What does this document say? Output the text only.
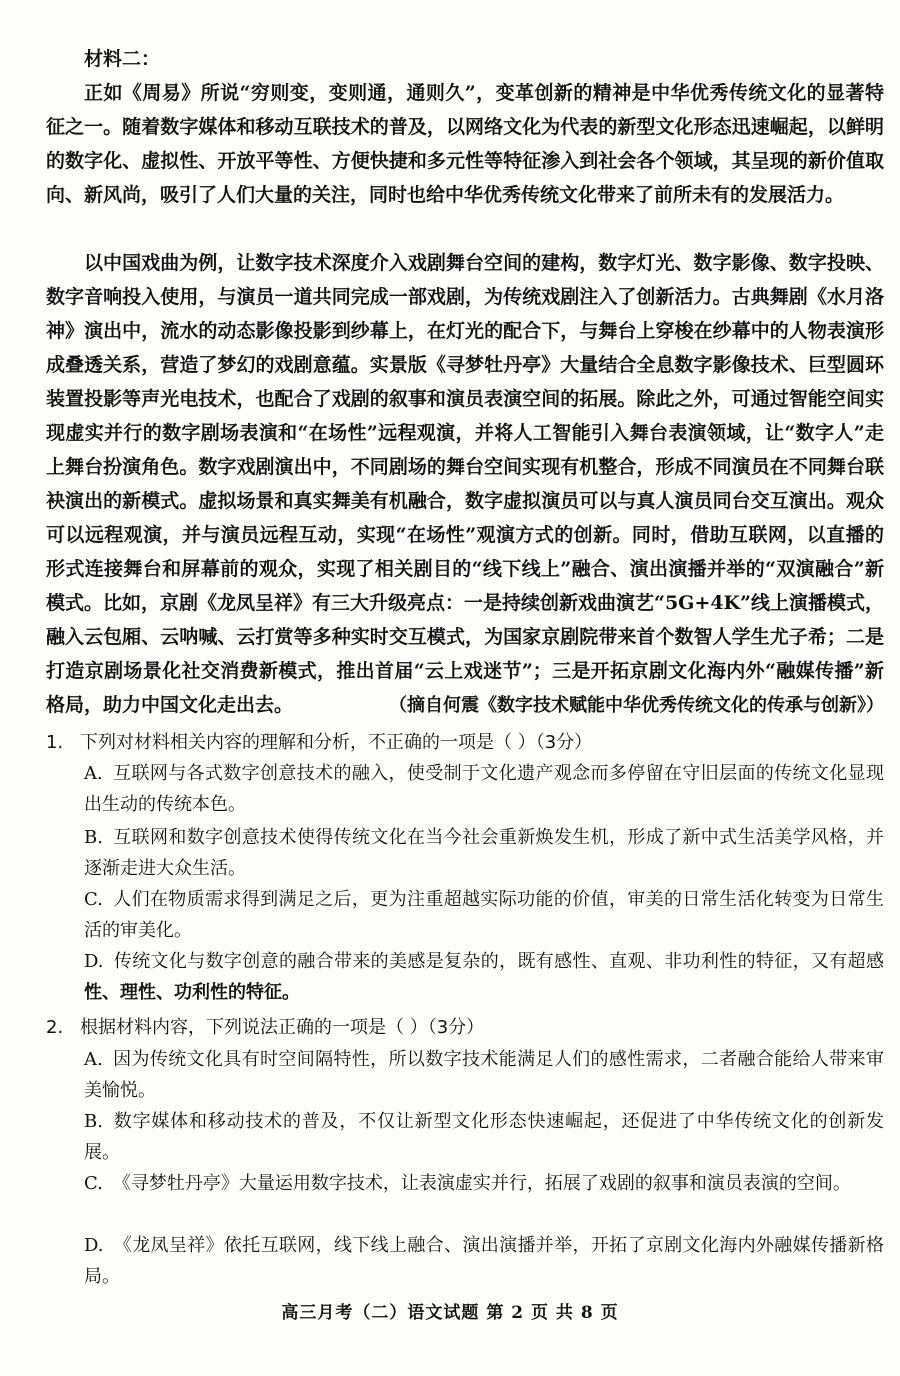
材料二：

正如《周易》所说“穷则变，变则通，通则久”，变革创新的精神是中华优秀传统文化的显著特征之一。随着数字媒体和移动互联技术的普及，以网络文化为代表的新型文化形态迅速崛起，以鲜明的数字化、虚拟性、开放平等性、方便快捷和多元性等特征渗入到社会各个领域，其呈现的新价值取向、新风尚，吸引了人们大量的关注，同时也给中华优秀传统文化带来了前所未有的发展活力。

以中国戏曲为例，让数字技术深度介入戏剧舞台空间的建构，数字灯光、数字影像、数字投映、数字音响投入使用，与演员一道共同完成一部戏剧，为传统戏剧注入了创新活力。古典舞剧《水月洛神》演出中，流水的动态影像投影到纱幕上，在灯光的配合下，与舞台上穿梭在纱幕中的人物表演形成叠透关系，营造了梦幻的戏剧意蕴。实景版《寻梦牡丹亭》大量结合全息数字影像技术、巨型圆环装置投影等声光电技术，也配合了戏剧的叙事和演员表演空间的拓展。除此之外，可通过智能空间实现虚实并行的数字剧场表演和“在场性”远程观演，并将人工智能引入舞台表演领域，让“数字人”走上舞台扮演角色。数字戏剧演出中，不同剧场的舞台空间实现有机整合，形成不同演员在不同舞台联袂演出的新模式。虚拟场景和真实舞美有机融合，数字虚拟演员可以与真人演员同台交互演出。观众可以远程观演，并与演员远程互动，实现“在场性”观演方式的创新。同时，借助互联网，以直播的形式连接舞台和屏幕前的观众，实现了相关剧目的“线下线上”融合、演出演播并举的“双演融合”新模式。比如，京剧《龙凤呈祥》有三大升级亮点：一是持续创新戏曲演艺“5G+4K”线上演播模式，融入云包厢、云呐喊、云打赏等多种实时交互模式，为国家京剧院带来首个数智人学生尤子希；二是打造京剧场景化社交消费新模式，推出首届“云上戏迷节”；三是开拓京剧文化海内外“融媒传播”新格局，助力中国文化走出去。	（摘自何震《数字技术赋能中华优秀传统文化的传承与创新》）
1. 下列对材料相关内容的理解和分析，不正确的一项是（ ）（3分）
A. 互联网与各式数字创意技术的融入，使受制于文化遗产观念而多停留在守旧层面的传统文化显现出生动的传统本色。
B. 互联网和数字创意技术使得传统文化在当今社会重新焕发生机，形成了新中式生活美学风格，并逐渐走进大众生活。
C. 人们在物质需求得到满足之后，更为注重超越实际功能的价值，审美的日常生活化转变为日常生活的审美化。
D. 传统文化与数字创意的融合带来的美感是复杂的，既有感性、直观、非功利性的特征，又有超感性、理性、功利性的特征。
2. 根据材料内容，下列说法正确的一项是（ ）（3分）
A. 因为传统文化具有时空间隔特性，所以数字技术能满足人们的感性需求，二者融合能给人带来审美愉悦。
B. 数字媒体和移动技术的普及，不仅让新型文化形态快速崛起，还促进了中华传统文化的创新发展。
C. 《寻梦牡丹亭》大量运用数字技术，让表演虚实并行，拓展了戏剧的叙事和演员表演的空间。
D. 《龙凤呈祥》依托互联网，线下线上融合、演出演播并举，开拓了京剧文化海内外融媒传播新格局。
高三月考（二）语文试题 第 2 页 共 8 页
